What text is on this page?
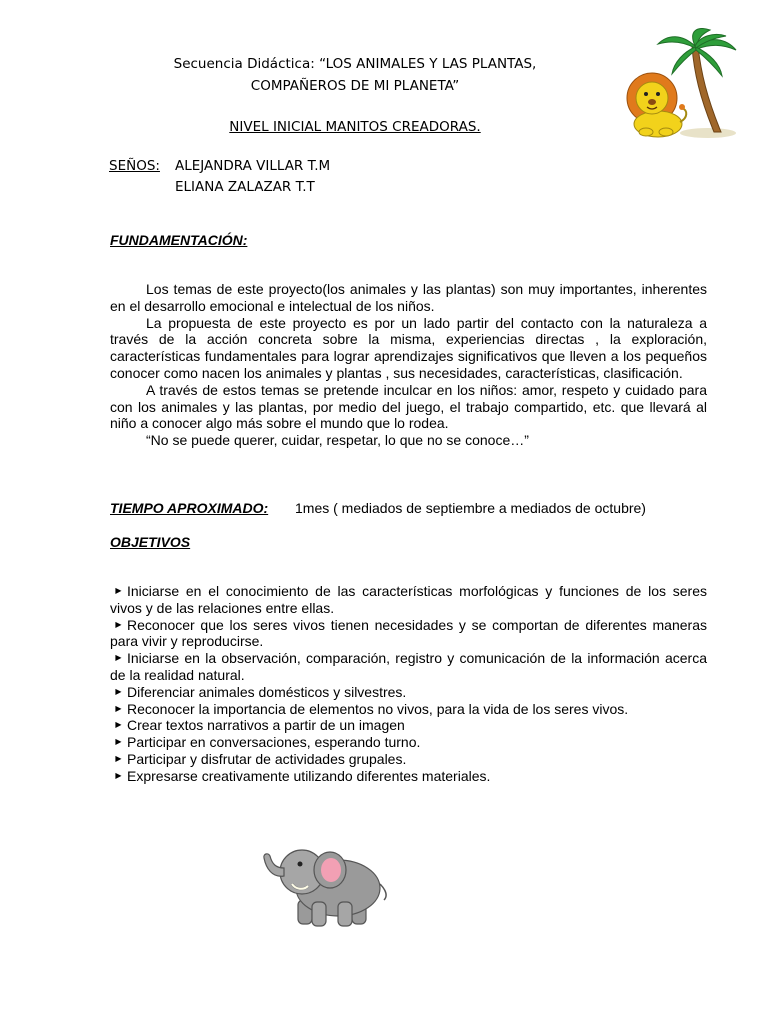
Secuencia Didáctica: “LOS ANIMALES Y LAS PLANTAS,
COMPAÑEROS DE MI PLANETA”
NIVEL INICIAL MANITOS CREADORAS.
SEÑOS: ALEJANDRA VILLAR T.M
ELIANA ZALAZAR T.T
FUNDAMENTACIÓN:

Los temas de este proyecto(los animales y las plantas) son muy importantes, inherentes en el desarrollo emocional e intelectual de los niños.

La propuesta de este proyecto es por un lado partir del contacto con la naturaleza a través de la acción concreta sobre la misma, experiencias directas , la exploración, características fundamentales para lograr aprendizajes significativos que lleven a los pequeños conocer como nacen los animales y plantas , sus necesidades, características, clasificación.

A través de estos temas se pretende inculcar en los niños: amor, respeto y cuidado para con los animales y las plantas, por medio del juego, el trabajo compartido, etc. que llevará al niño a conocer algo más sobre el mundo que lo rodea.

“No se puede querer, cuidar, respetar, lo que no se conoce…”

TIEMPO APROXIMADO: 1mes ( mediados de septiembre a mediados de octubre)
OBJETIVOS
▶ Iniciarse en el conocimiento de las características morfológicas y funciones de los seres vivos y de las relaciones entre ellas.
▶ Reconocer que los seres vivos tienen necesidades y se comportan de diferentes maneras para vivir y reproducirse.
▶ Iniciarse en la observación, comparación, registro y comunicación de la información acerca de la realidad natural.
▶ Diferenciar animales domésticos y silvestres.
▶ Reconocer la importancia de elementos no vivos, para la vida de los seres vivos.
▶ Crear textos narrativos a partir de un imagen
▶ Participar en conversaciones, esperando turno.
▶ Participar y disfrutar de actividades grupales.
▶ Expresarse creativamente utilizando diferentes materiales.
